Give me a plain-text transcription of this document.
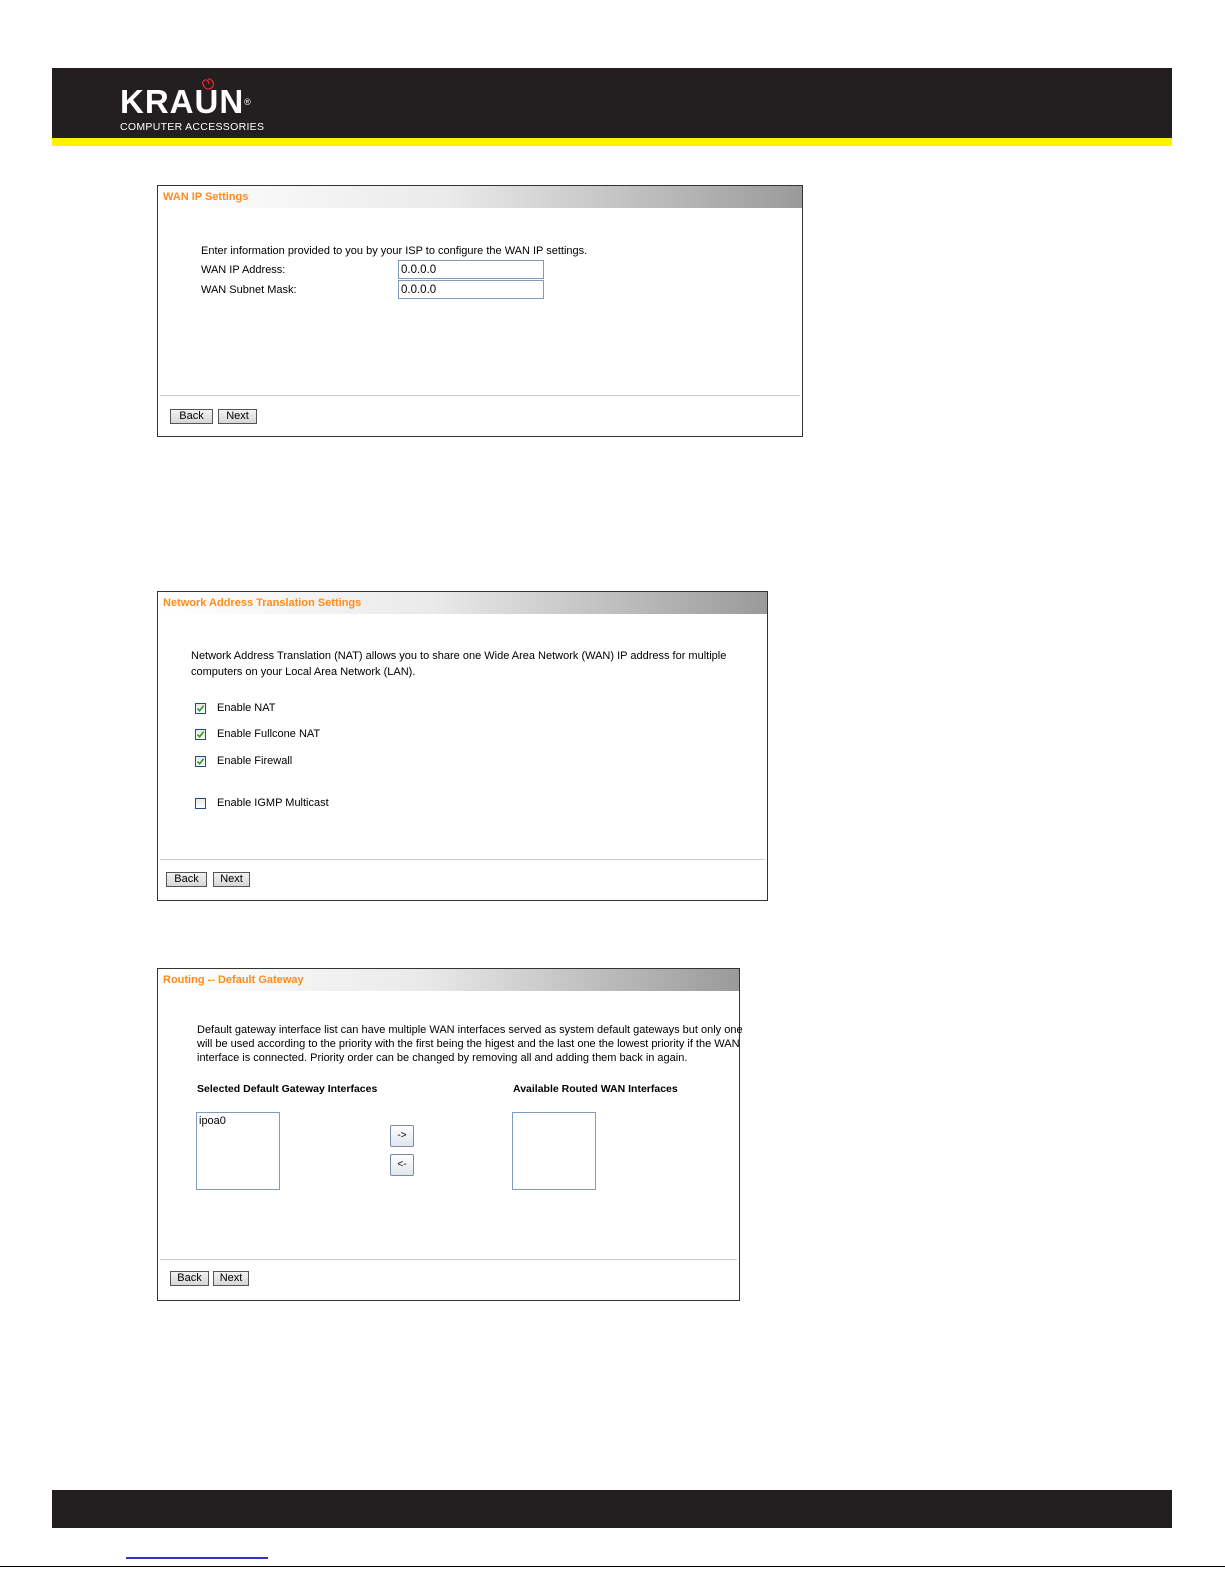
KRAUN®
COMPUTER ACCESSORIES
WAN IP Settings
Enter information provided to you by your ISP to configure the WAN IP settings.
WAN IP Address:
0.0.0.0
WAN Subnet Mask:
0.0.0.0
Back	Next
Network Address Translation Settings
Network Address Translation (NAT) allows you to share one Wide Area Network (WAN) IP address for multiple
computers on your Local Area Network (LAN).
Enable NAT
Enable Fullcone NAT
Enable Firewall
Enable IGMP Multicast
Back	Next
Routing -- Default Gateway
Default gateway interface list can have multiple WAN interfaces served as system default gateways but only one
will be used according to the priority with the first being the higest and the last one the lowest priority if the WAN
interface is connected. Priority order can be changed by removing all and adding them back in again.
Selected Default Gateway Interfaces	Available Routed WAN Interfaces
ipoa0
->
<-
Back	Next
